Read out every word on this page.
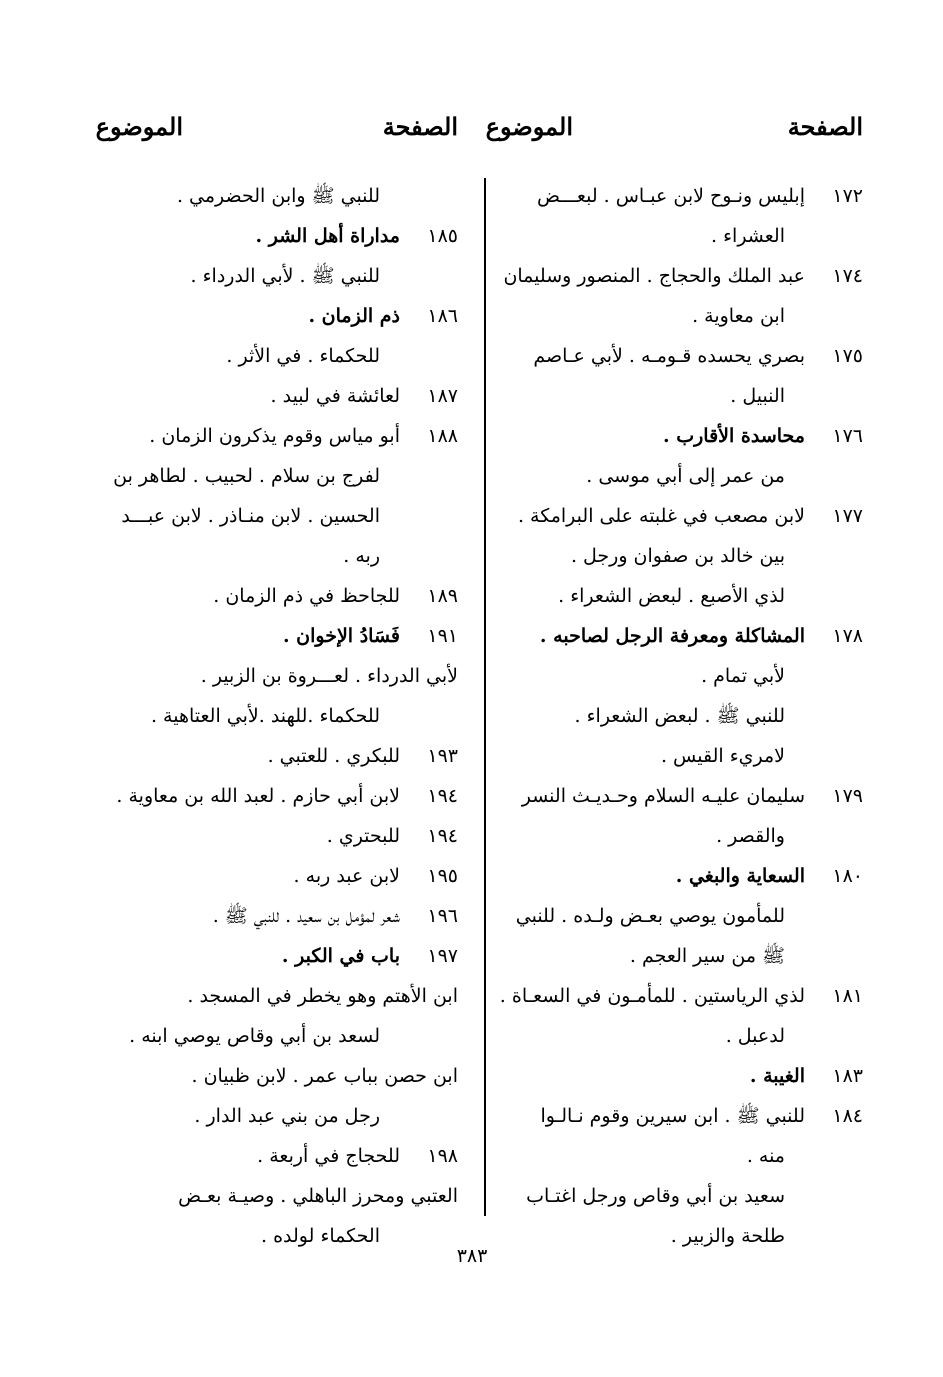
الصفحة
الموضوع
الصفحة
الموضوع
١٧٢
إبليس ونـوح لابن عبـاس . لبعـــض
العشراء .
١٧٤
عبد الملك والحجاج . المنصور وسليمان
ابن معاوية .
١٧٥
بصري يحسده قـومـه . لأبي عـاصم
النبيل .
١٧٦
محاسدة الأقارب .
من عمر إلى أبي موسى .
١٧٧
لابن مصعب في غلبته على البرامكة .
بين خالد بن صفوان ورجل .
لذي الأصبع . لبعض الشعراء .
١٧٨
المشاكلة ومعرفة الرجل لصاحبه .
لأبي تمام .
للنبي ﷺ . لبعض الشعراء .
لامريء القيس .
١٧٩
سليمان عليـه السلام وحـديـث النسر
والقصر .
١٨٠
السعاية والبغي .
للمأمون يوصي بعـض ولـده . للنبي
ﷺ من سير العجم .
١٨١
لذي الرياستين . للمأمـون في السعـاة .
لدعبل .
١٨٣
الغيبة .
١٨٤
للنبي ﷺ . ابن سيرين وقوم نـالـوا
منه .
سعيد بن أبي وقاص ورجل اغتـاب
طلحة والزبير .
للنبي ﷺ وابن الحضرمي .
١٨٥
مداراة أهل الشر .
للنبي ﷺ . لأبي الدرداء .
١٨٦
ذم الزمان .
للحكماء . في الأثر .
١٨٧
لعائشة في لبيد .
١٨٨
أبو مياس وقوم يذكرون الزمان .
لفرج بن سلام . لحبيب . لطاهر بن
الحسين . لابن منـاذر . لابن عبـــد
ربه .
١٨٩
للجاحظ في ذم الزمان .
١٩١
فَسَادُ الإخوان .
لأبي الدرداء . لعـــروة بن الزبير .
للحكماء .للهند .لأبي العتاهية .
١٩٣
للبكري . للعتبي .
١٩٤
لابن أبي حازم . لعبد الله بن معاوية .
١٩٤
للبحتري .
١٩٥
لابن عبد ربه .
١٩٦
شعر لمؤمل بن سعيد . للنبي ﷺ .
١٩٧
باب في الكبر .
ابن الأهتم وهو يخطر في المسجد .
لسعد بن أبي وقاص يوصي ابنه .
ابن حصن بباب عمر . لابن ظبيان .
رجل من بني عبد الدار .
١٩٨
للحجاج في أربعة .
العتبي ومحرز الباهلي . وصيـة بعـض
الحكماء لولده .
٣٨٣
